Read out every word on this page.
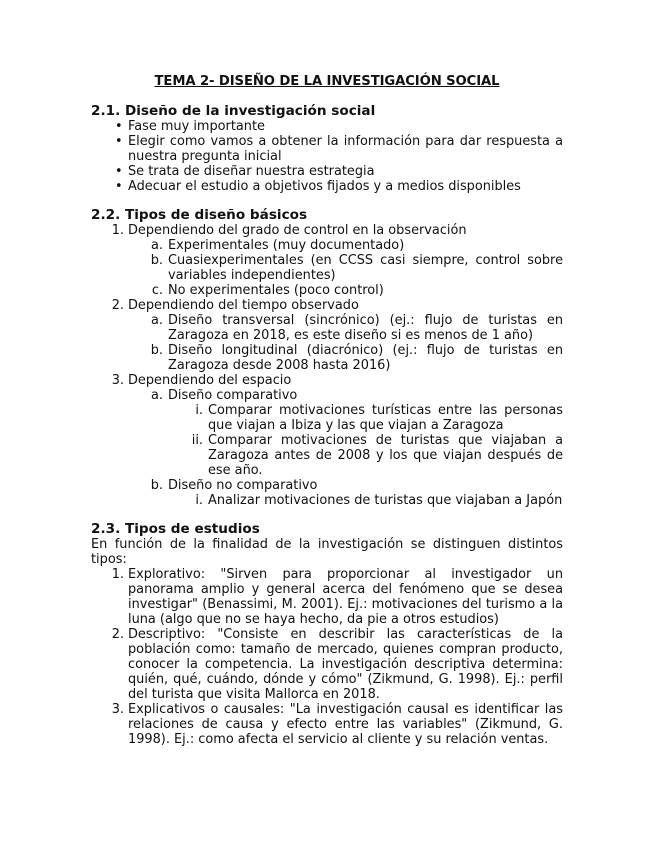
TEMA 2- DISEÑO DE LA INVESTIGACIÓN SOCIAL
2.1. Diseño de la investigación social
• Fase muy importante
• Elegir como vamos a obtener la información para dar respuesta a nuestra pregunta inicial
• Se trata de diseñar nuestra estrategia
• Adecuar el estudio a objetivos fijados y a medios disponibles
2.2. Tipos de diseño básicos
1. Dependiendo del grado de control en la observación
a. Experimentales (muy documentado)
b. Cuasiexperimentales (en CCSS casi siempre, control sobre variables independientes)
c. No experimentales (poco control)
2. Dependiendo del tiempo observado
a. Diseño transversal (sincrónico) (ej.: flujo de turistas en Zaragoza en 2018, es este diseño si es menos de 1 año)
b. Diseño longitudinal (diacrónico) (ej.: flujo de turistas en Zaragoza desde 2008 hasta 2016)
3. Dependiendo del espacio
a. Diseño comparativo
i. Comparar motivaciones turísticas entre las personas que viajan a Ibiza y las que viajan a Zaragoza
ii. Comparar motivaciones de turistas que viajaban a Zaragoza antes de 2008 y los que viajan después de ese año.
b. Diseño no comparativo
i. Analizar motivaciones de turistas que viajaban a Japón
2.3. Tipos de estudios
En función de la finalidad de la investigación se distinguen distintos tipos:
1. Explorativo: "Sirven para proporcionar al investigador un panorama amplio y general acerca del fenómeno que se desea investigar" (Benassimi, M. 2001). Ej.: motivaciones del turismo a la luna (algo que no se haya hecho, da pie a otros estudios)
2. Descriptivo: "Consiste en describir las características de la población como: tamaño de mercado, quienes compran producto, conocer la competencia. La investigación descriptiva determina: quién, qué, cuándo, dónde y cómo" (Zikmund, G. 1998). Ej.: perfil del turista que visita Mallorca en 2018.
3. Explicativos o causales: "La investigación causal es identificar las relaciones de causa y efecto entre las variables" (Zikmund, G. 1998). Ej.: como afecta el servicio al cliente y su relación ventas.
